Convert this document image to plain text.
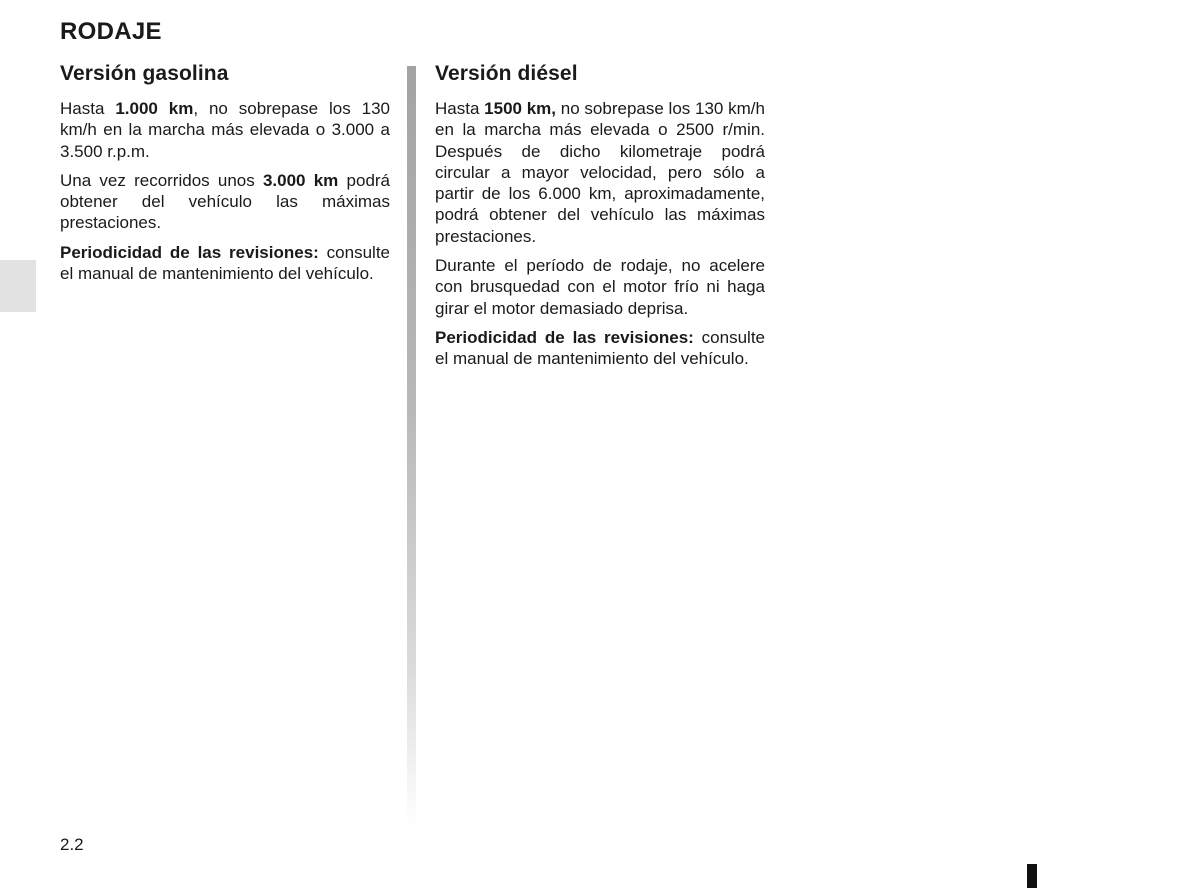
RODAJE
Versión gasolina

Hasta 1.000 km, no sobrepase los 130 km/h en la marcha más elevada o 3.000 a 3.500 r.p.m.

Una vez recorridos unos 3.000 km podrá obtener del vehículo las máximas prestaciones.

Periodicidad de las revisiones: consulte el manual de mantenimiento del vehículo.

Versión diésel

Hasta 1500 km, no sobrepase los 130 km/h en la marcha más elevada o 2500 r/min. Después de dicho kilometraje podrá circular a mayor velocidad, pero sólo a partir de los 6.000 km, aproximadamente, podrá obtener del vehículo las máximas prestaciones.

Durante el período de rodaje, no acelere con brusquedad con el motor frío ni haga girar el motor demasiado deprisa.

Periodicidad de las revisiones: consulte el manual de mantenimiento del vehículo.

2.2
